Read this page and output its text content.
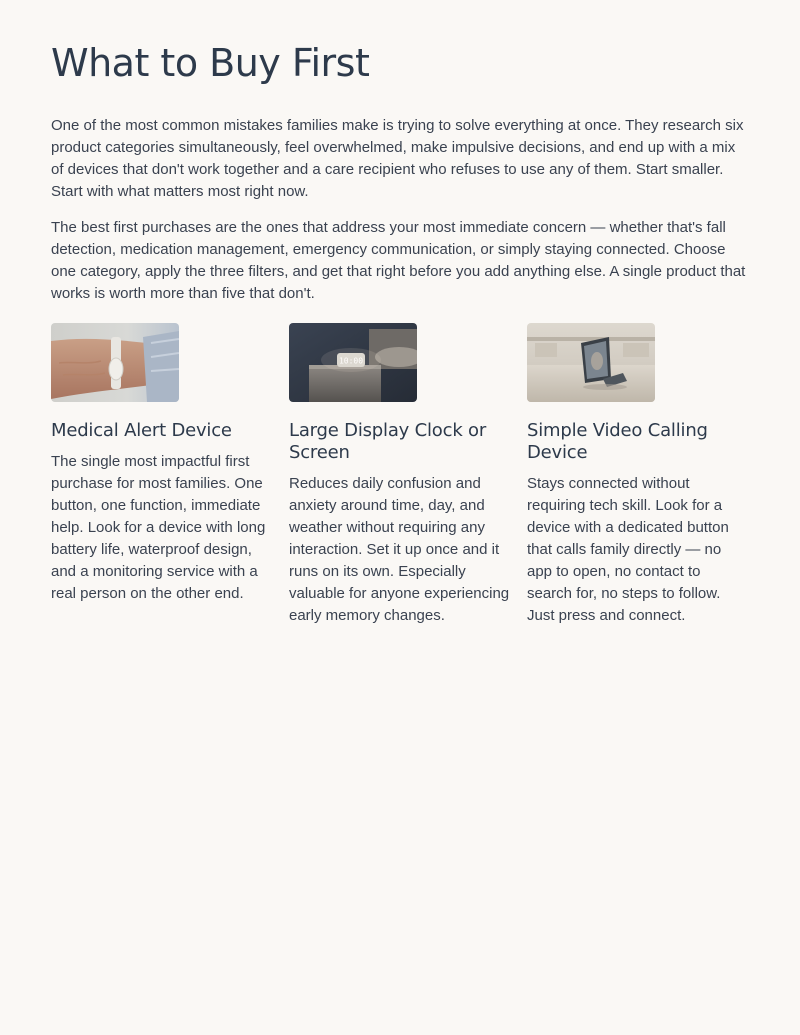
What to Buy First

One of the most common mistakes families make is trying to solve everything at once. They research six product categories simultaneously, feel overwhelmed, make impulsive decisions, and end up with a mix of devices that don't work together and a care recipient who refuses to use any of them. Start smaller. Start with what matters most right now.

The best first purchases are the ones that address your most immediate concern — whether that's fall detection, medication management, emergency communication, or simply staying connected. Choose one category, apply the three filters, and get that right before you add anything else. A single product that works is worth more than five that don't.

Medical Alert Device

The single most impactful first purchase for most families. One button, one function, immediate help. Look for a device with long battery life, waterproof design, and a monitoring service with a real person on the other end.

10:00
Large Display Clock or Screen

Reduces daily confusion and anxiety around time, day, and weather without requiring any interaction. Set it up once and it runs on its own. Especially valuable for anyone experiencing early memory changes.

Simple Video Calling Device

Stays connected without requiring tech skill. Look for a device with a dedicated button that calls family directly — no app to open, no contact to search for, no steps to follow. Just press and connect.
